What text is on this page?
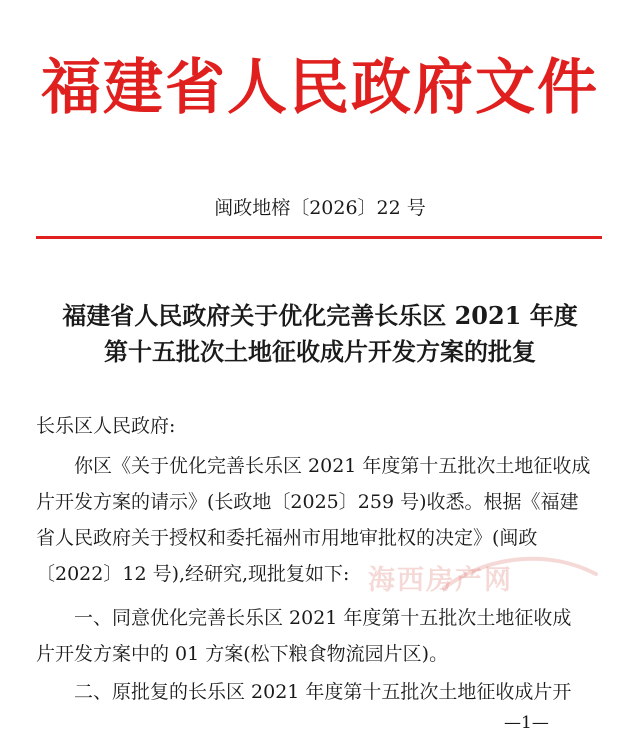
福建省人民政府文件
闽政地榕〔2026〕22 号
福建省人民政府关于优化完善长乐区 2021 年度
第十五批次土地征收成片开发方案的批复
长乐区人民政府:
你区《关于优化完善长乐区 2021 年度第十五批次土地征收成
片开发方案的请示》(长政地〔2025〕259 号)收悉。根据《福建
省人民政府关于授权和委托福州市用地审批权的决定》(闽政
〔2022〕12 号),经研究,现批复如下:
一、同意优化完善长乐区 2021 年度第十五批次土地征收成
片开发方案中的 01 方案(松下粮食物流园片区)。
二、原批复的长乐区 2021 年度第十五批次土地征收成片开
海西房产网
—1—
